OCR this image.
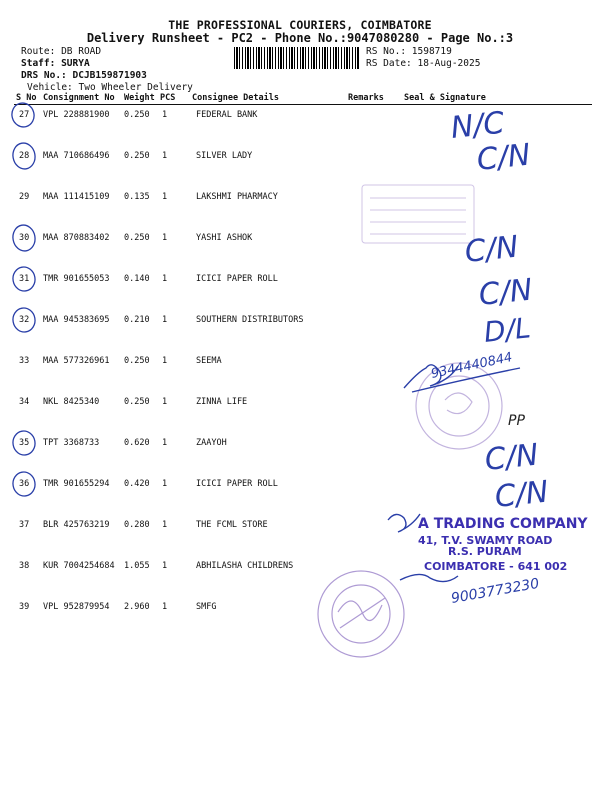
THE PROFESSIONAL COURIERS, COIMBATORE
Delivery Runsheet - PC2 - Phone No.:9047080280 - Page No.:3
Route: DB ROAD
Staff: SURYA
DRS No.: DCJB159871903
Vehicle: Two Wheeler Delivery
RS No.: 1598719
RS Date: 18-Aug-2025
S No Consignment No Weight PCS Consignee Details	Remarks Seal & Signature
27 VPL 228881900 0.250 1	FEDERAL BANK
28 MAA 710686496 0.250 1	SILVER LADY
29 MAA 111415109 0.135 1	LAKSHMI PHARMACY
30 MAA 870883402 0.250 1	YASHI ASHOK
31 TMR 901655053 0.140 1	ICICI PAPER ROLL
32 MAA 945383695 0.210 1	SOUTHERN DISTRIBUTORS
33 MAA 577326961 0.250 1	SEEMA
34 NKL 8425340	0.250 1	ZINNA LIFE
35 TPT 3368733	0.620 1	ZAAYOH
36 TMR 901655294 0.420 1	ICICI PAPER ROLL
37 BLR 425763219 0.280 1	THE FCML STORE
38 KUR 7004254684 1.055 1	ABHILASHA CHILDRENS
39 VPL 952879954 2.960 1	SMFG
N/C
C/N
C/N
C/N
D/L
9344440844
PP
C/N
C/N
9003773230
A TRADING COMPANY
41, T.V. SWAMY ROAD
R.S. PURAM
COIMBATORE - 641 002
